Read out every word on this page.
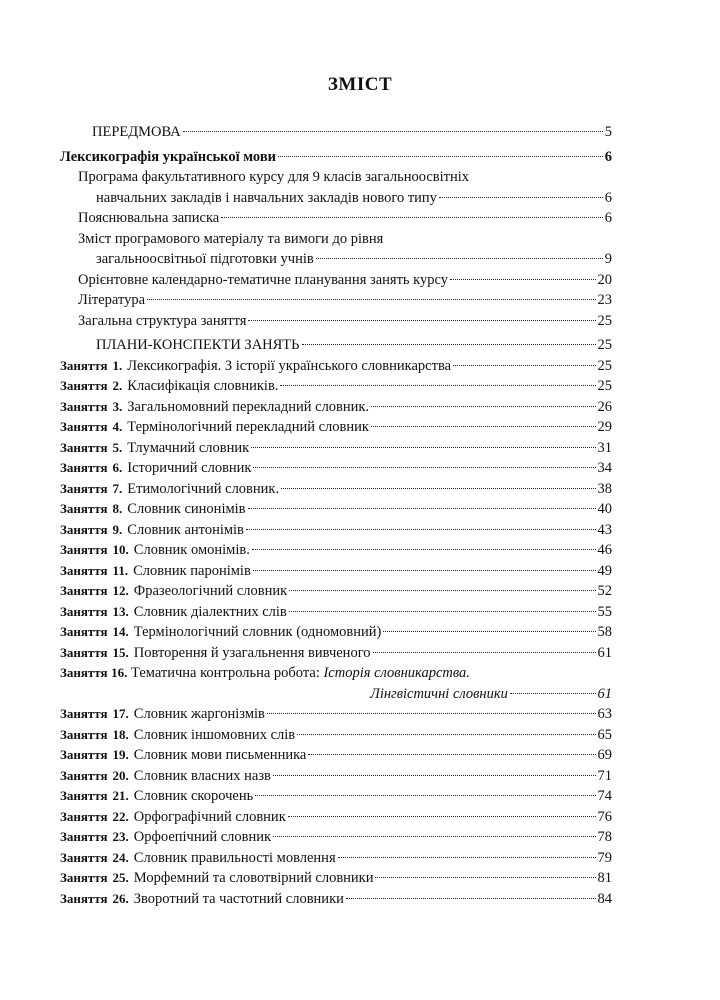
ЗМІСТ
ПЕРЕДМОВА	5
Лексикографія української мови	6
Програма факультативного курсу для 9 класів загальноосвітніх
навчальних закладів і навчальних закладів нового типу	6
Пояснювальна записка	6
Зміст програмового матеріалу та вимоги до рівня
загальноосвітньої підготовки учнів	9
Орієнтовне календарно-тематичне планування занять курсу	20
Література	23
Загальна структура заняття	25
ПЛАНИ-КОНСПЕКТИ ЗАНЯТЬ	25
Заняття 1. Лексикографія. З історії українського словникарства	25
Заняття 2. Класифікація словників.	25
Заняття 3. Загальномовний перекладний словник.	26
Заняття 4. Термінологічний перекладний словник	29
Заняття 5. Тлумачний словник	31
Заняття 6. Історичний словник	34
Заняття 7. Етимологічний словник.	38
Заняття 8. Словник синонімів	40
Заняття 9. Словник антонімів	43
Заняття 10. Словник омонімів.	46
Заняття 11. Словник паронімів	49
Заняття 12. Фразеологічний словник	52
Заняття 13. Словник діалектних слів	55
Заняття 14. Термінологічний словник (одномовний)	58
Заняття 15. Повторення й узагальнення вивченого	61
Заняття 16. Тематична контрольна робота: Історія словникарства.
Лінгвістичні словники	61
Заняття 17. Словник жаргонізмів	63
Заняття 18. Словник іншомовних слів	65
Заняття 19. Словник мови письменника	69
Заняття 20. Словник власних назв	71
Заняття 21. Словник скорочень	74
Заняття 22. Орфографічний словник	76
Заняття 23. Орфоепічний словник	78
Заняття 24. Словник правильності мовлення	79
Заняття 25. Морфемний та словотвірний словники	81
Заняття 26. Зворотний та частотний словники	84
